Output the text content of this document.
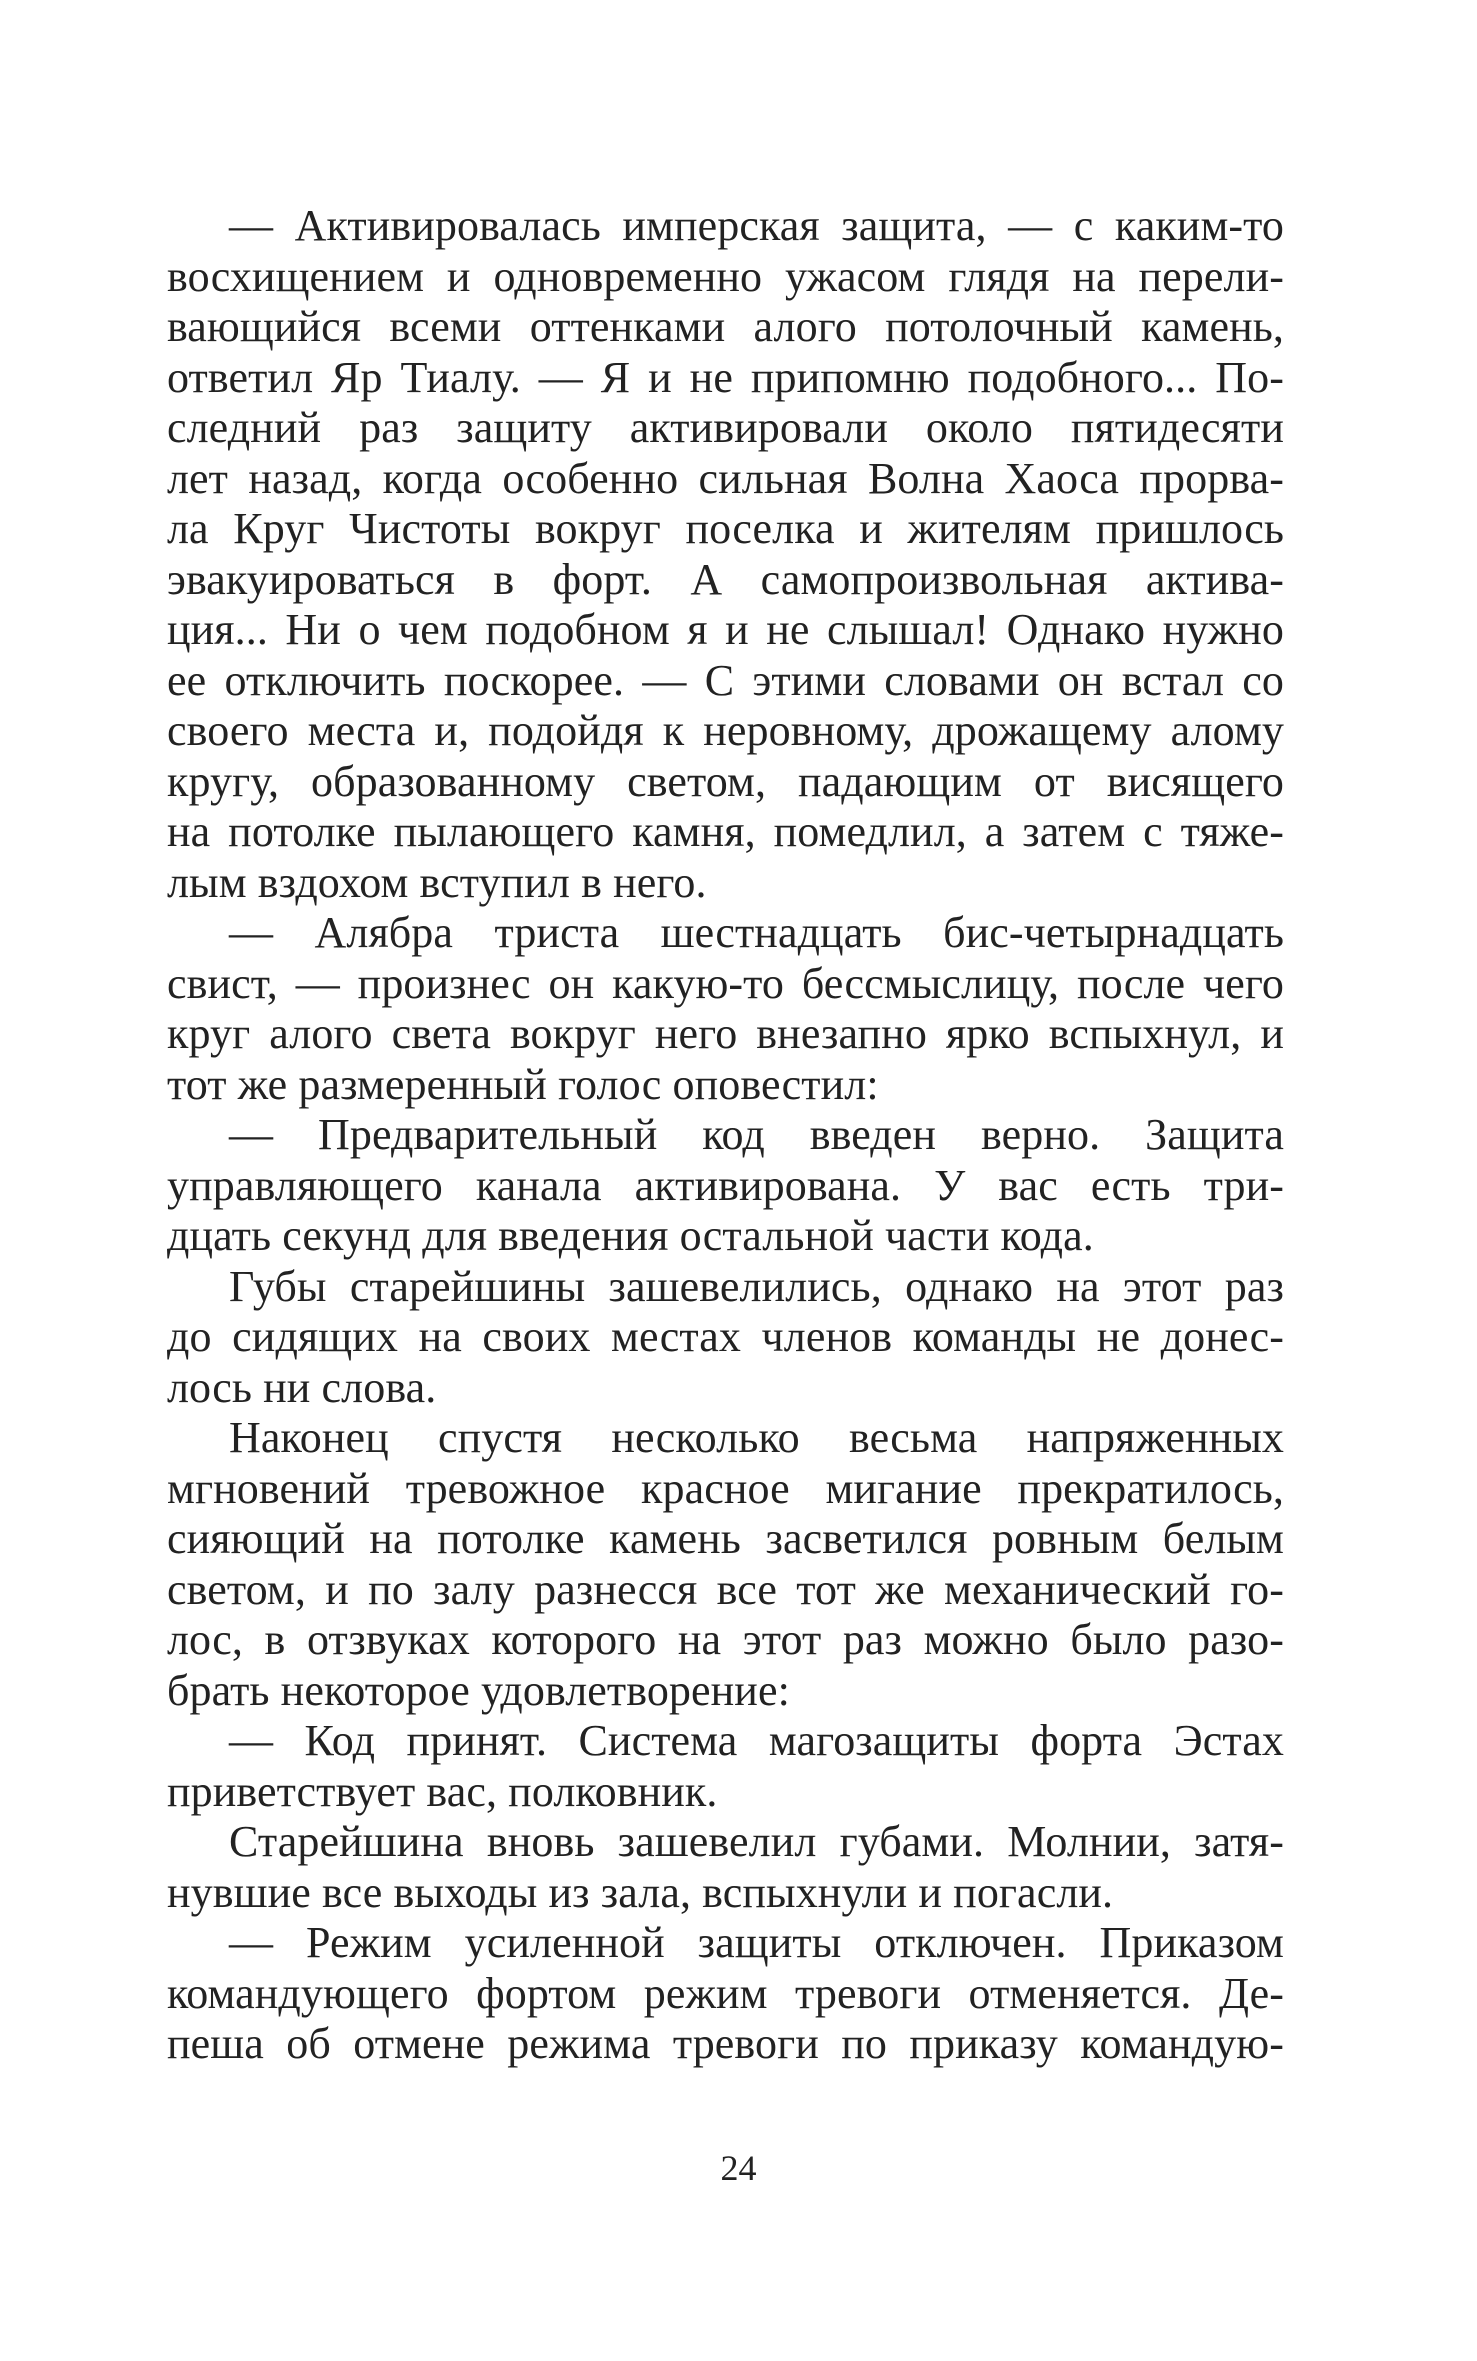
— Активировалась имперская защита, — с каким-то
восхищением и одновременно ужасом глядя на перели-
вающийся всеми оттенками алого потолочный камень,
ответил Яр Тиалу. — Я и не припомню подобного... По-
следний раз защиту активировали около пятидесяти
лет назад, когда особенно сильная Волна Хаоса прорва-
ла Круг Чистоты вокруг поселка и жителям пришлось
эвакуироваться в форт. А самопроизвольная актива-
ция... Ни о чем подобном я и не слышал! Однако нужно
ее отключить поскорее. — С этими словами он встал со
своего места и, подойдя к неровному, дрожащему алому
кругу, образованному светом, падающим от висящего
на потолке пылающего камня, помедлил, а затем с тяже-
лым вздохом вступил в него.
— Алябра триста шестнадцать бис-четырнадцать
свист, — произнес он какую-то бессмыслицу, после чего
круг алого света вокруг него внезапно ярко вспыхнул, и
тот же размеренный голос оповестил:
— Предварительный код введен верно. Защита
управляющего канала активирована. У вас есть три-
дцать секунд для введения остальной части кода.
Губы старейшины зашевелились, однако на этот раз
до сидящих на своих местах членов команды не донес-
лось ни слова.
Наконец спустя несколько весьма напряженных
мгновений тревожное красное мигание прекратилось,
сияющий на потолке камень засветился ровным белым
светом, и по залу разнесся все тот же механический го-
лос, в отзвуках которого на этот раз можно было разо-
брать некоторое удовлетворение:
— Код принят. Система магозащиты форта Эстах
приветствует вас, полковник.
Старейшина вновь зашевелил губами. Молнии, затя-
нувшие все выходы из зала, вспыхнули и погасли.
— Режим усиленной защиты отключен. Приказом
командующего фортом режим тревоги отменяется. Де-
пеша об отмене режима тревоги по приказу командую-
24
